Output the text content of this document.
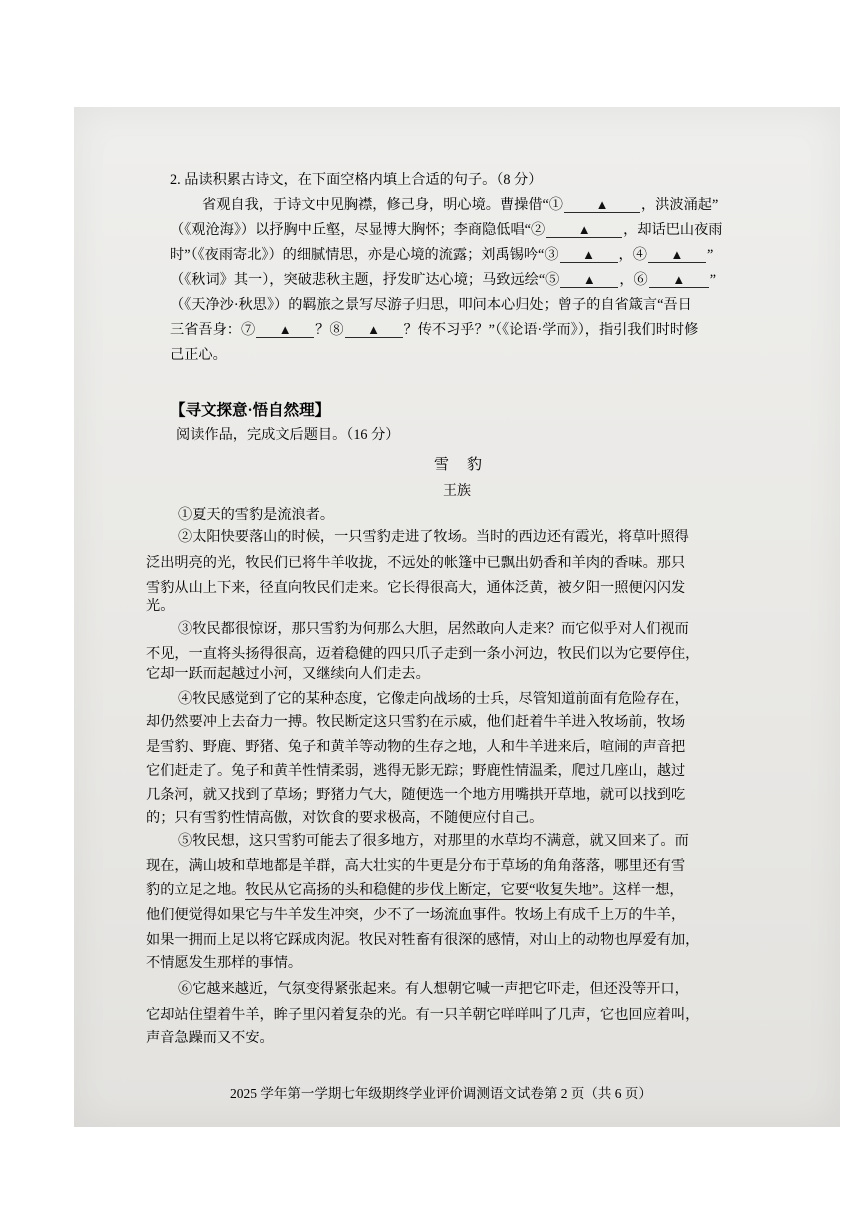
2. 品读积累古诗文，在下面空格内填上合适的句子。（8 分）
省观自我，于诗文中见胸襟，修己身，明心境。曹操借“①	▲ ，洪波涌起”
（《观沧海》）以抒胸中丘壑，尽显博大胸怀；李商隐低唱“②	▲ ，却话巴山夜雨
时”（《夜雨寄北》）的细腻情思，亦是心境的流露；刘禹锡吟“③ ▲ ，④ ▲ ”
（《秋词》其一），突破悲秋主题，抒发旷达心境；马致远绘“⑤ ▲ ，⑥ ▲ ”
（《天净沙·秋思》）的羁旅之景写尽游子归思，叩问本心归处；曾子的自省箴言“吾日
三省吾身：⑦ ▲ ？⑧ ▲ ？传不习乎？”（《论语·学而》），指引我们时时修
己正心。
【寻文探意·悟自然理】
阅读作品，完成文后题目。（16 分）
雪豹
王族
①夏天的雪豹是流浪者。
②太阳快要落山的时候，一只雪豹走进了牧场。当时的西边还有霞光，将草叶照得
泛出明亮的光，牧民们已将牛羊收拢，不远处的帐篷中已飘出奶香和羊肉的香味。那只
雪豹从山上下来，径直向牧民们走来。它长得很高大，通体泛黄，被夕阳一照便闪闪发
光。
③牧民都很惊讶，那只雪豹为何那么大胆，居然敢向人走来？而它似乎对人们视而
不见，一直将头扬得很高，迈着稳健的四只爪子走到一条小河边，牧民们以为它要停住，
它却一跃而起越过小河，又继续向人们走去。
④牧民感觉到了它的某种态度，它像走向战场的士兵，尽管知道前面有危险存在，
却仍然要冲上去奋力一搏。牧民断定这只雪豹在示威，他们赶着牛羊进入牧场前，牧场
是雪豹、野鹿、野猪、兔子和黄羊等动物的生存之地，人和牛羊进来后，喧闹的声音把
它们赶走了。兔子和黄羊性情柔弱，逃得无影无踪；野鹿性情温柔，爬过几座山，越过
几条河，就又找到了草场；野猪力气大，随便选一个地方用嘴拱开草地，就可以找到吃
的；只有雪豹性情高傲，对饮食的要求极高，不随便应付自己。
⑤牧民想，这只雪豹可能去了很多地方，对那里的水草均不满意，就又回来了。而
现在，满山坡和草地都是羊群，高大壮实的牛更是分布于草场的角角落落，哪里还有雪
豹的立足之地。牧民从它高扬的头和稳健的步伐上断定，它要“收复失地”。这样一想，
他们便觉得如果它与牛羊发生冲突，少不了一场流血事件。牧场上有成千上万的牛羊，
如果一拥而上足以将它踩成肉泥。牧民对牲畜有很深的感情，对山上的动物也厚爱有加，
不情愿发生那样的事情。
⑥它越来越近，气氛变得紧张起来。有人想朝它喊一声把它吓走，但还没等开口，
它却站住望着牛羊，眸子里闪着复杂的光。有一只羊朝它咩咩叫了几声，它也回应着叫，
声音急躁而又不安。
2025 学年第一学期七年级期终学业评价调测语文试卷第 2 页（共 6 页）
